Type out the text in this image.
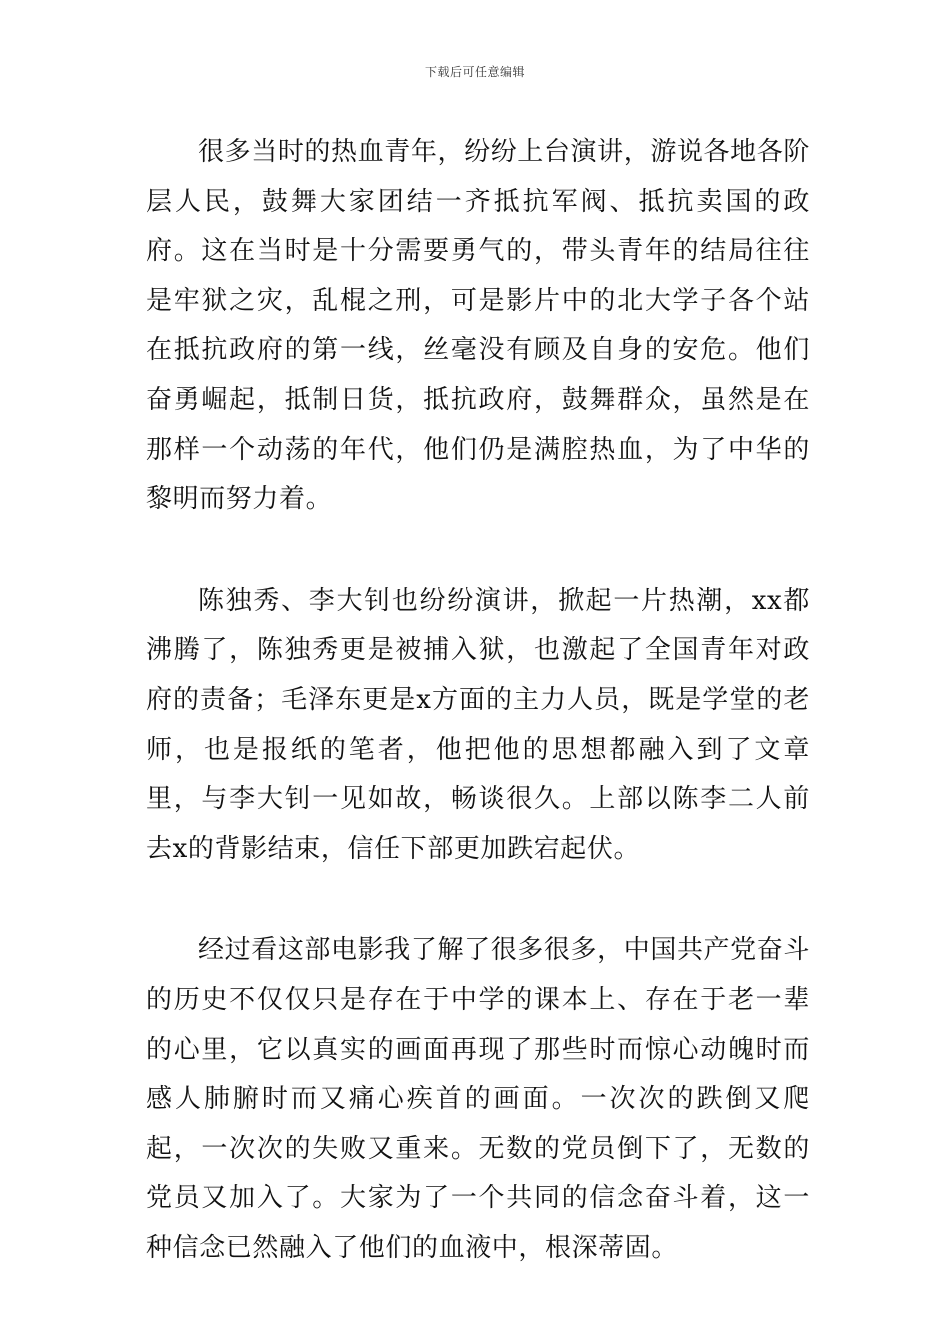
下载后可任意编辑

很多当时的热血青年，纷纷上台演讲，游说各地各阶层人民，鼓舞大家团结一齐抵抗军阀、抵抗卖国的政府。这在当时是十分需要勇气的，带头青年的结局往往是牢狱之灾，乱棍之刑，可是影片中的北大学子各个站在抵抗政府的第一线，丝毫没有顾及自身的安危。他们奋勇崛起，抵制日货，抵抗政府，鼓舞群众，虽然是在那样一个动荡的年代，他们仍是满腔热血，为了中华的黎明而努力着。

陈独秀、李大钊也纷纷演讲，掀起一片热潮，xx都沸腾了，陈独秀更是被捕入狱，也激起了全国青年对政府的责备；毛泽东更是x方面的主力人员，既是学堂的老师，也是报纸的笔者，他把他的思想都融入到了文章里，与李大钊一见如故，畅谈很久。上部以陈李二人前去x的背影结束，信任下部更加跌宕起伏。

经过看这部电影我了解了很多很多，中国共产党奋斗的历史不仅仅只是存在于中学的课本上、存在于老一辈的心里，它以真实的画面再现了那些时而惊心动魄时而感人肺腑时而又痛心疾首的画面。一次次的跌倒又爬起，一次次的失败又重来。无数的党员倒下了，无数的党员又加入了。大家为了一个共同的信念奋斗着，这一种信念已然融入了他们的血液中，根深蒂固。
